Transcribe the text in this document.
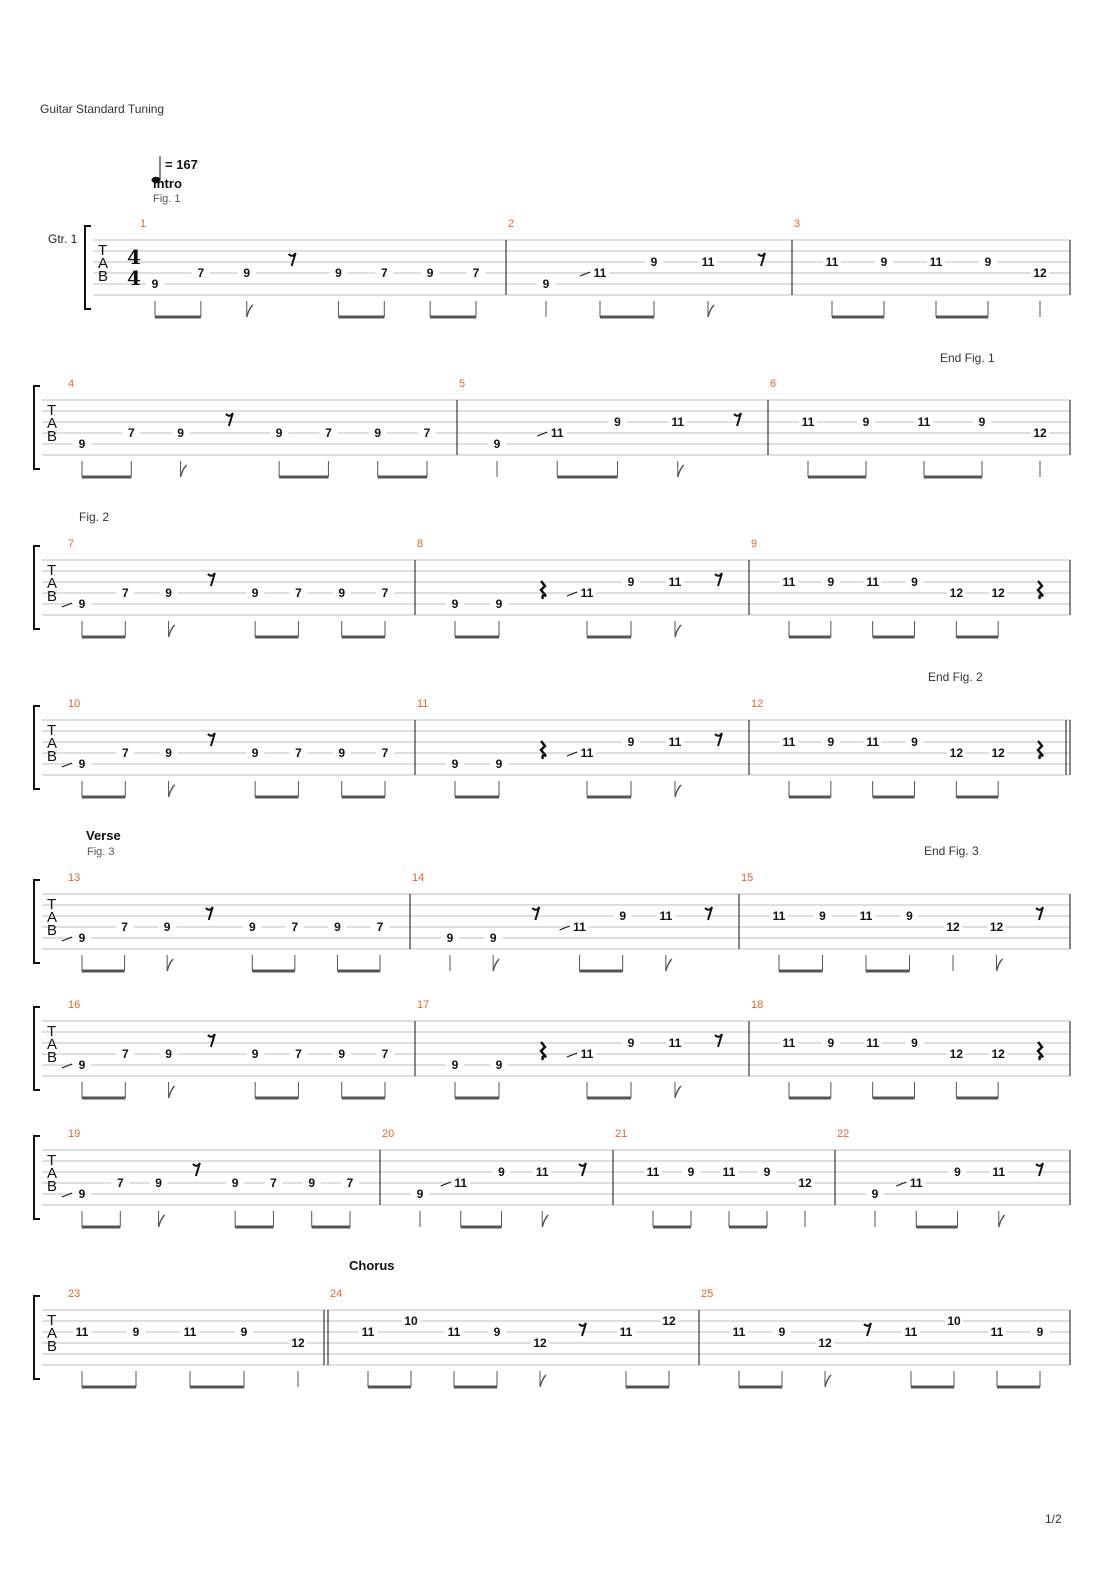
Guitar Standard Tuning
= 167
Intro
Fig. 1
Gtr. 1
End Fig. 1
Fig. 2
End Fig. 2
Verse
Fig. 3	End Fig. 3
Chorus
1/2
T
A
B
4
4
1
9
7	9	9	7	9	7
2
9
11
9	11
3
11	9	11	9
12
T
A
B
4
9
7	9	9	7	9	7
5
9
11
9	11
6
11	9	11	9
12
T
A
B
7
9
7	9	9	7	9	7
8
9	9
11
9	11
9
11	9	11	9
12 12
T
A
B
10
9
7	9	9	7	9	7
11
9	9
11
9	11
12
11	9	11	9
12 12
T
A
B
13
9
7	9	9	7	9	7
14
9	9
11
9	11
15
11	9	11	9
12	12
T
A
B
16
9
7	9	9	7	9	7
17
9	9
11
9	11
18
11	9	11	9
12 12
T
A
B
19
9
7	9	9	7	9	7
20
9
11
9	11
21
11 9 11 9
12
22
9
11
9	11
T
A
B
23
11	9	11	9
12
24
11
10
11	9
12
11
12
25
11	9
12
11
10
11	9
